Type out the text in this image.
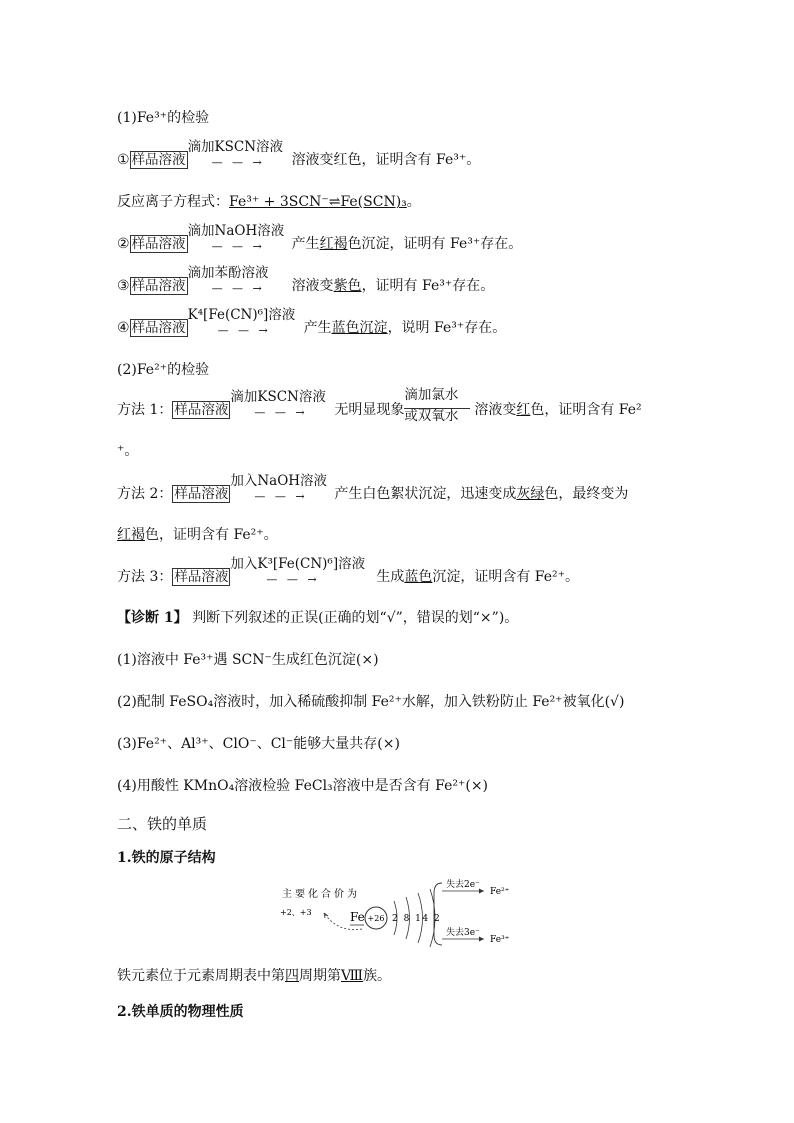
(1)Fe³⁺的检验
① 样品溶液
滴加KSCN溶液
— — → 溶液变红色，证明含有 Fe³⁺。
反应离子方程式：Fe³⁺ + 3SCN⁻⇌Fe(SCN)₃。
② 样品溶液
滴加NaOH溶液
— — → 产生红褐色沉淀，证明有 Fe³⁺存在。
③ 样品溶液
滴加苯酚溶液
— — → 溶液变紫色，证明有 Fe³⁺存在。
④ 样品溶液
K⁴[Fe(CN)⁶]溶液
— — → 产生蓝色沉淀，说明 Fe³⁺存在。
(2)Fe²⁺的检验
方法 1： 样品溶液
滴加KSCN溶液
— — → 无明显现象
滴加氯水
或双氧水 溶液变红色，证明含有 Fe²
⁺。
方法 2： 样品溶液
加入NaOH溶液
— — → 产生白色絮状沉淀，迅速变成灰绿色，最终变为
红褐色，证明含有 Fe²⁺。
方法 3： 样品溶液
加入K³[Fe(CN)⁶]溶液
— — →	生成蓝色沉淀，证明含有 Fe²⁺。
【诊断 1】 判断下列叙述的正误(正确的划“√”，错误的划“×”)。
(1)溶液中 Fe³⁺遇 SCN⁻生成红色沉淀(×)
(2)配制 FeSO₄溶液时，加入稀硫酸抑制 Fe²⁺水解，加入铁粉防止 Fe²⁺被氧化(√)
(3)Fe²⁺、Al³⁺、ClO⁻、Cl⁻能够大量共存(×)
(4)用酸性 KMnO₄溶液检验 FeCl₃溶液中是否含有 Fe²⁺(×)
二、铁的单质
1.铁的原子结构
主要化合价为
+2、+3	Fe +26 2 8 14 2
失去2e⁻
Fe²⁺
失去3e⁻
Fe³⁺
铁元素位于元素周期表中第四周期第Ⅷ族。
2.铁单质的物理性质
